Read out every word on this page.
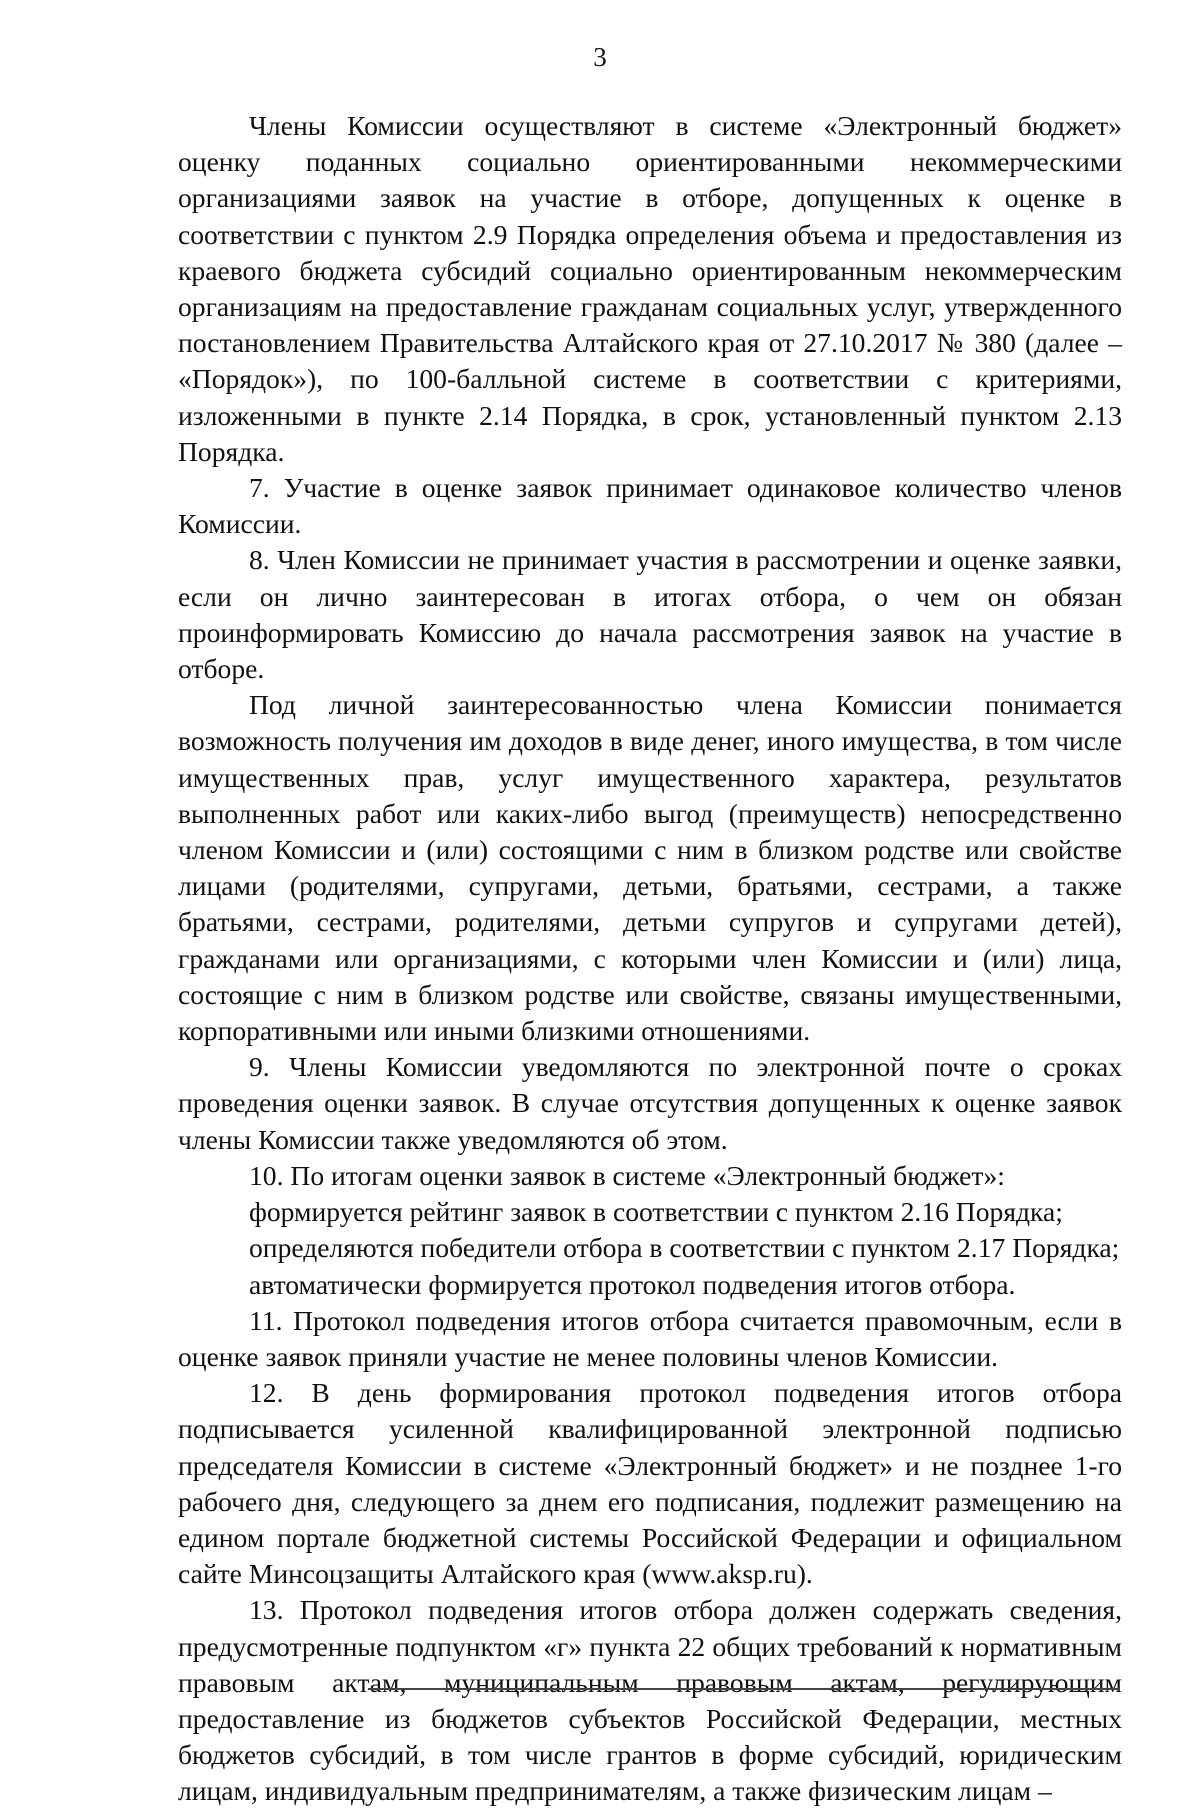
3

Члены Комиссии осуществляют в системе «Электронный бюджет» оценку поданных социально ориентированными некоммерческими организациями заявок на участие в отборе, допущенных к оценке в соответствии с пунктом 2.9 Порядка определения объема и предоставления из краевого бюджета субсидий социально ориентированным некоммерческим организациям на предоставление гражданам социальных услуг, утвержденного постановлением Правительства Алтайского края от 27.10.2017 № 380 (далее – «Порядок»), по 100-балльной системе в соответствии с критериями, изложенными в пункте 2.14 Порядка, в срок, установленный пунктом 2.13 Порядка.

7. Участие в оценке заявок принимает одинаковое количество членов Комиссии.

8. Член Комиссии не принимает участия в рассмотрении и оценке заявки, если он лично заинтересован в итогах отбора, о чем он обязан проинформировать Комиссию до начала рассмотрения заявок на участие в отборе.

Под личной заинтересованностью члена Комиссии понимается возможность получения им доходов в виде денег, иного имущества, в том числе имущественных прав, услуг имущественного характера, результатов выполненных работ или каких-либо выгод (преимуществ) непосредственно членом Комиссии и (или) состоящими с ним в близком родстве или свойстве лицами (родителями, супругами, детьми, братьями, сестрами, а также братьями, сестрами, родителями, детьми супругов и супругами детей), гражданами или организациями, с которыми член Комиссии и (или) лица, состоящие с ним в близком родстве или свойстве, связаны имущественными, корпоративными или иными близкими отношениями.

9. Члены Комиссии уведомляются по электронной почте о сроках проведения оценки заявок. В случае отсутствия допущенных к оценке заявок члены Комиссии также уведомляются об этом.

10. По итогам оценки заявок в системе «Электронный бюджет»:

формируется рейтинг заявок в соответствии с пунктом 2.16 Порядка;

определяются победители отбора в соответствии с пунктом 2.17 Порядка;

автоматически формируется протокол подведения итогов отбора.

11. Протокол подведения итогов отбора считается правомочным, если в оценке заявок приняли участие не менее половины членов Комиссии.

12. В день формирования протокол подведения итогов отбора подписывается усиленной квалифицированной электронной подписью председателя Комиссии в системе «Электронный бюджет» и не позднее 1-го рабочего дня, следующего за днем его подписания, подлежит размещению на едином портале бюджетной системы Российской Федерации и официальном сайте Минсоцзащиты Алтайского края (www.aksp.ru).

13. Протокол подведения итогов отбора должен содержать сведения, предусмотренные подпунктом «г» пункта 22 общих требований к нормативным правовым актам, муниципальным правовым актам, регулирующим предоставление из бюджетов субъектов Российской Федерации, местных бюджетов субсидий, в том числе грантов в форме субсидий, юридическим лицам, индивидуальным предпринимателям, а также физическим лицам –
